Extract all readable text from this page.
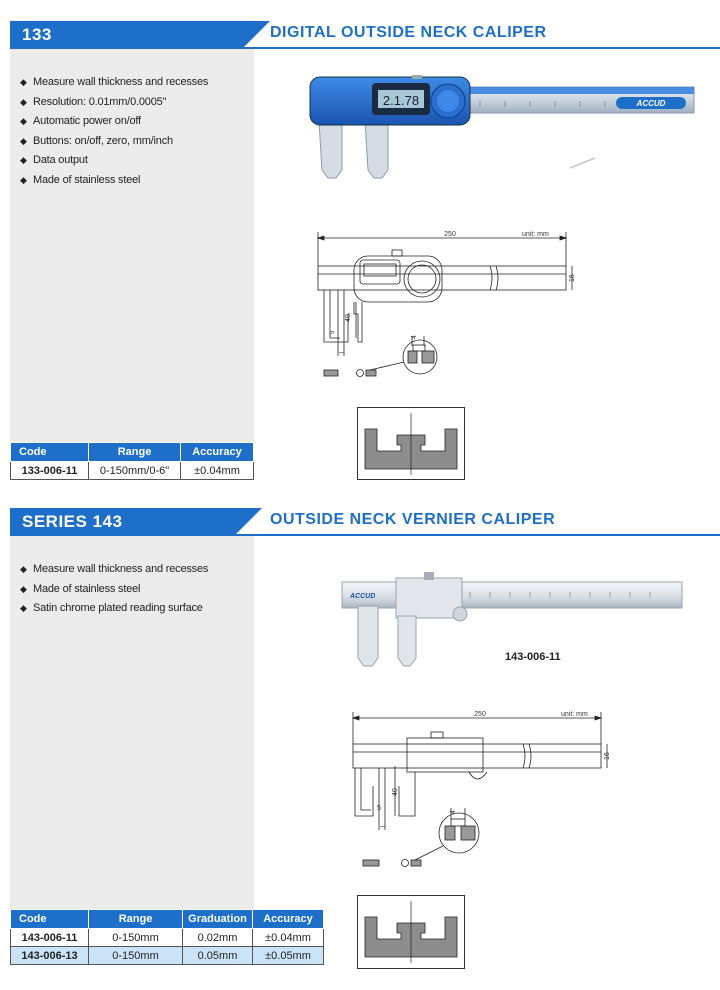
133	DIGITAL OUTSIDE NECK CALIPER
◆ Measure wall thickness and recesses
◆ Resolution: 0.01mm/0.0005"
◆ Automatic power on/off
◆ Buttons: on/off, zero, mm/inch
◆ Data output
◆ Made of stainless steel
Code	Range	Accuracy
133-006-11	0-150mm/0-6"	±0.04mm
ACCUD
2.1.78
250	unit: mm
16
40
4
5
1
SERIES 143	OUTSIDE NECK VERNIER CALIPER
◆ Measure wall thickness and recesses
◆ Made of stainless steel
◆ Satin chrome plated reading surface
Code	Range	Graduation	Accuracy
143-006-11	0-150mm	0.02mm	±0.04mm
143-006-13	0-150mm	0.05mm	±0.05mm
ACCUD
143-006-11
250	unit: mm
16
40
4
5
1
